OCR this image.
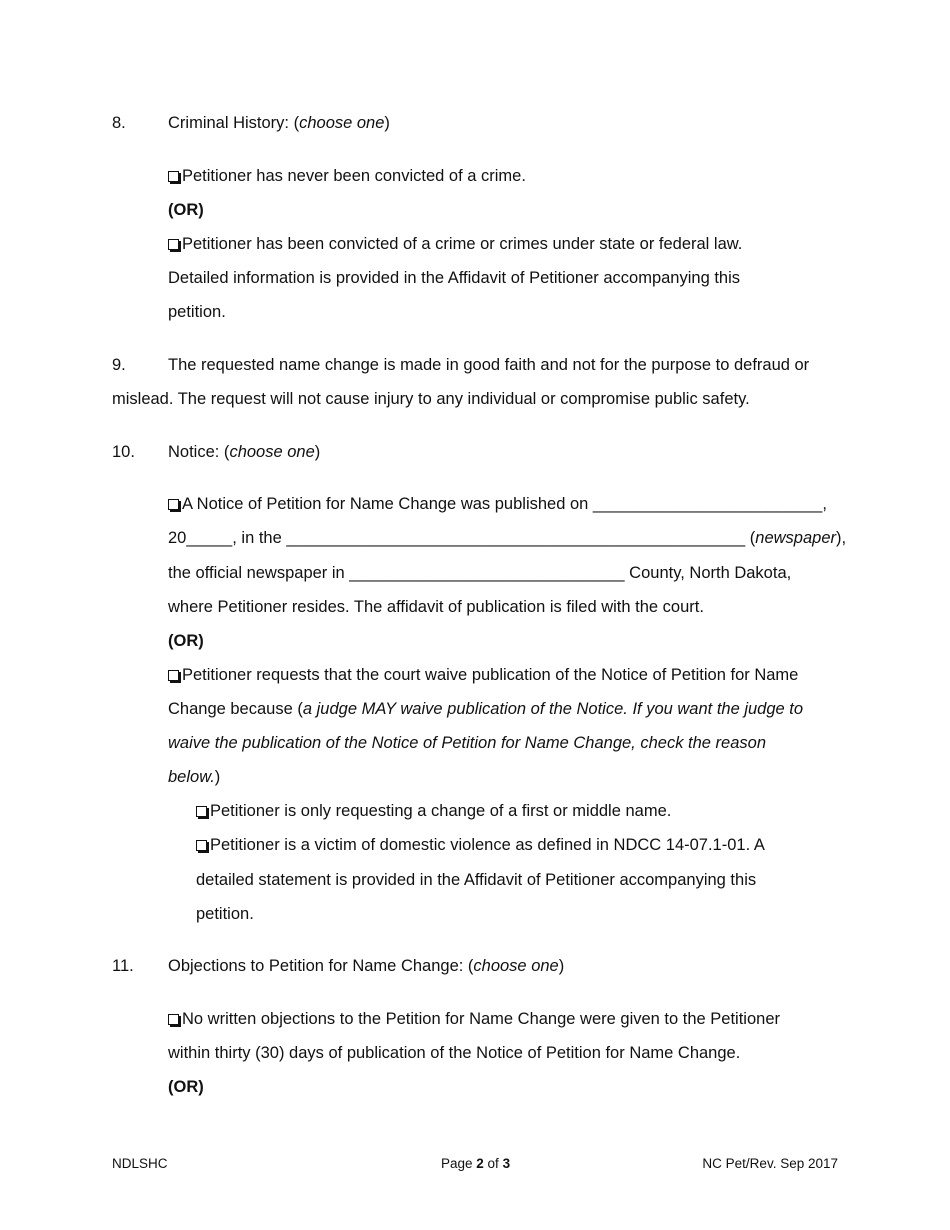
8.	Criminal History: (choose one)
Petitioner has never been convicted of a crime.
(OR)
Petitioner has been convicted of a crime or crimes under state or federal law.
Detailed information is provided in the Affidavit of Petitioner accompanying this
petition.
9.	The requested name change is made in good faith and not for the purpose to defraud or
mislead. The request will not cause injury to any individual or compromise public safety.
10. Notice: (choose one)
A Notice of Petition for Name Change was published on _________________________,
20_____, in the __________________________________________________ (newspaper),
the official newspaper in ______________________________ County, North Dakota,
where Petitioner resides. The affidavit of publication is filed with the court.
(OR)
Petitioner requests that the court waive publication of the Notice of Petition for Name
Change because (a judge MAY waive publication of the Notice. If you want the judge to
waive the publication of the Notice of Petition for Name Change, check the reason
below.)
Petitioner is only requesting a change of a first or middle name.
Petitioner is a victim of domestic violence as defined in NDCC 14-07.1-01. A
detailed statement is provided in the Affidavit of Petitioner accompanying this
petition.
11. Objections to Petition for Name Change: (choose one)
No written objections to the Petition for Name Change were given to the Petitioner
within thirty (30) days of publication of the Notice of Petition for Name Change.
(OR)
NDLSHC	Page 2 of 3	NC Pet/Rev. Sep 2017
